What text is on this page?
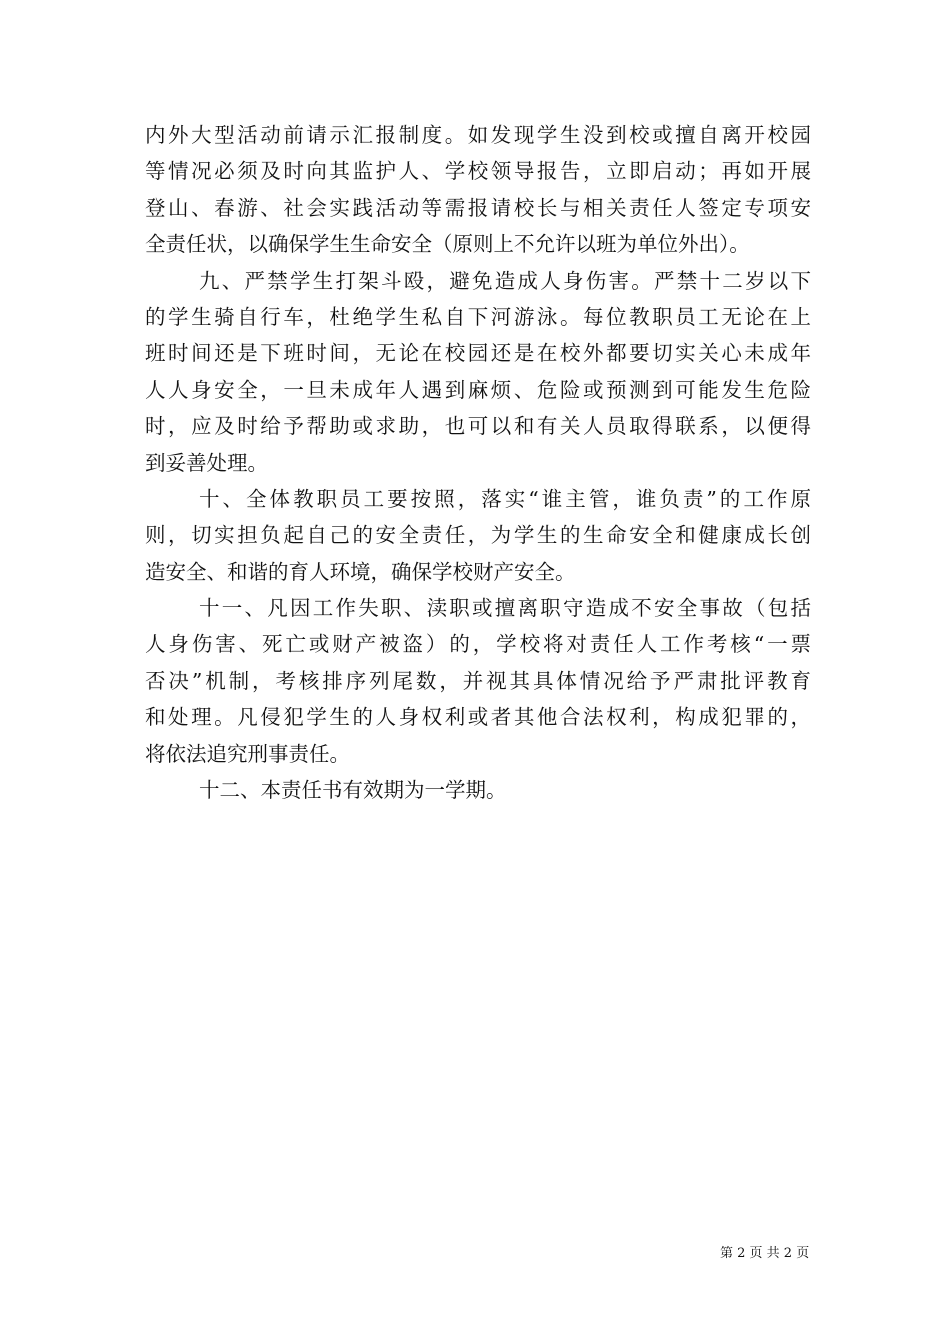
内外大型活动前请示汇报制度。如发现学生没到校或擅自离开校园
等情况必须及时向其监护人、学校领导报告，立即启动；再如开展
登山、春游、社会实践活动等需报请校长与相关责任人签定专项安
全责任状，以确保学生生命安全（原则上不允许以班为单位外出）。
九、严禁学生打架斗殴，避免造成人身伤害。严禁十二岁以下
的学生骑自行车，杜绝学生私自下河游泳。每位教职员工无论在上
班时间还是下班时间，无论在校园还是在校外都要切实关心未成年
人人身安全，一旦未成年人遇到麻烦、危险或预测到可能发生危险
时，应及时给予帮助或求助，也可以和有关人员取得联系，以便得
到妥善处理。
十、全体教职员工要按照，落实“谁主管，谁负责”的工作原
则，切实担负起自己的安全责任，为学生的生命安全和健康成长创
造安全、和谐的育人环境，确保学校财产安全。
十一、凡因工作失职、渎职或擅离职守造成不安全事故（包括
人身伤害、死亡或财产被盗）的，学校将对责任人工作考核“一票
否决”机制，考核排序列尾数，并视其具体情况给予严肃批评教育
和处理。凡侵犯学生的人身权利或者其他合法权利，构成犯罪的，
将依法追究刑事责任。
十二、本责任书有效期为一学期。
第 2 页 共 2 页
